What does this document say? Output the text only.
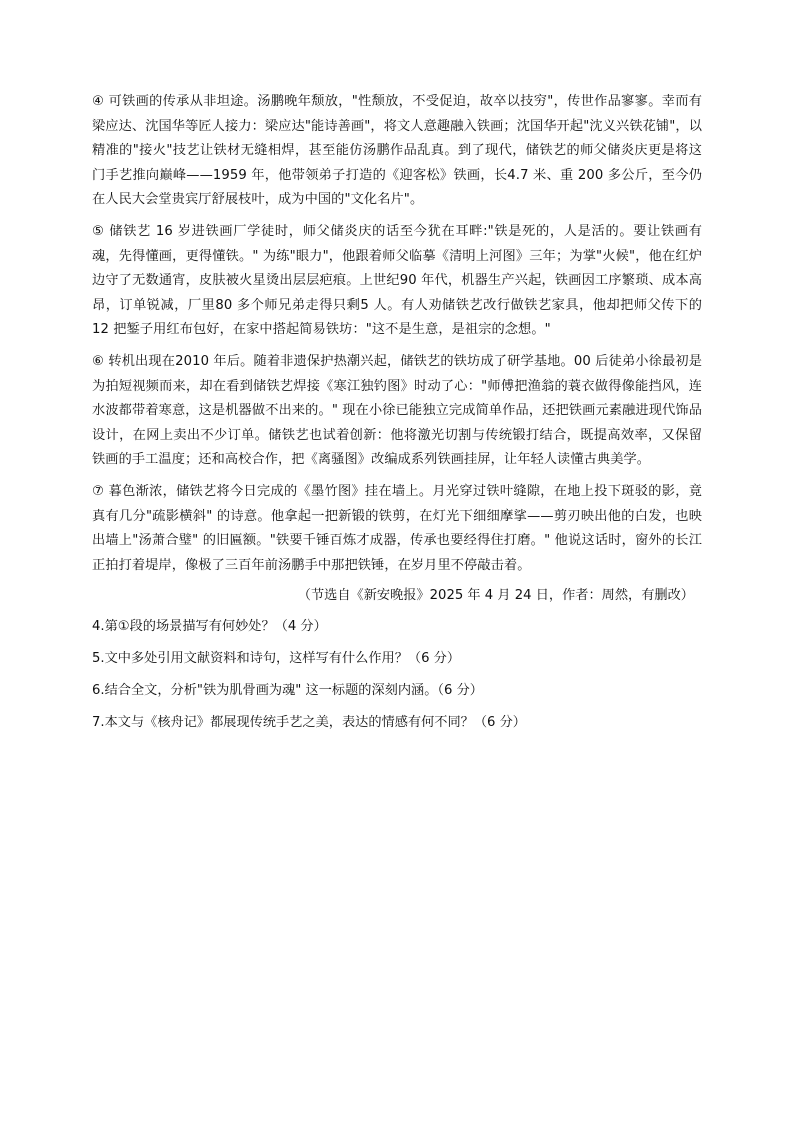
④ 可铁画的传承从非坦途。汤鹏晚年颓放，"性颓放，不受促迫，故卒以技穷"，传世作品寥寥。幸而有梁应达、沈国华等匠人接力：梁应达"能诗善画"，将文人意趣融入铁画；沈国华开起"沈义兴铁花铺"，以精准的"接火"技艺让铁材无缝相焊，甚至能仿汤鹏作品乱真。到了现代，储铁艺的师父储炎庆更是将这门手艺推向巅峰——1959 年，他带领弟子打造的《迎客松》铁画，长4.7 米、重 200 多公斤，至今仍在人民大会堂贵宾厅舒展枝叶，成为中国的"文化名片"。

⑤ 储铁艺 16 岁进铁画厂学徒时，师父储炎庆的话至今犹在耳畔:"铁是死的，人是活的。要让铁画有魂，先得懂画，更得懂铁。" 为练"眼力"，他跟着师父临摹《清明上河图》三年；为掌"火候"，他在红炉边守了无数通宵，皮肤被火星烫出层层疤痕。上世纪90 年代，机器生产兴起，铁画因工序繁琐、成本高昂，订单锐减，厂里80 多个师兄弟走得只剩5 人。有人劝储铁艺改行做铁艺家具，他却把师父传下的 12 把錾子用红布包好，在家中搭起简易铁坊："这不是生意，是祖宗的念想。"

⑥ 转机出现在2010 年后。随着非遗保护热潮兴起，储铁艺的铁坊成了研学基地。00 后徒弟小徐最初是为拍短视频而来，却在看到储铁艺焊接《寒江独钓图》时动了心："师傅把渔翁的蓑衣做得像能挡风，连水波都带着寒意，这是机器做不出来的。" 现在小徐已能独立完成简单作品，还把铁画元素融进现代饰品设计，在网上卖出不少订单。储铁艺也试着创新：他将激光切割与传统锻打结合，既提高效率，又保留铁画的手工温度；还和高校合作，把《离骚图》改编成系列铁画挂屏，让年轻人读懂古典美学。

⑦ 暮色渐浓，储铁艺将今日完成的《墨竹图》挂在墙上。月光穿过铁叶缝隙，在地上投下斑驳的影，竟真有几分"疏影横斜" 的诗意。他拿起一把新锻的铁剪，在灯光下细细摩挲——剪刃映出他的白发，也映出墙上"汤萧合璧" 的旧匾额。"铁要千锤百炼才成器，传承也要经得住打磨。" 他说这话时，窗外的长江正拍打着堤岸，像极了三百年前汤鹏手中那把铁锤，在岁月里不停敲击着。

（节选自《新安晚报》2025 年 4 月 24 日，作者：周然，有删改）
4.第①段的场景描写有何妙处？（4 分）
5.文中多处引用文献资料和诗句，这样写有什么作用？（6 分）
6.结合全文，分析"铁为肌骨画为魂" 这一标题的深刻内涵。（6 分）
7.本文与《核舟记》都展现传统手艺之美，表达的情感有何不同？（6 分）
